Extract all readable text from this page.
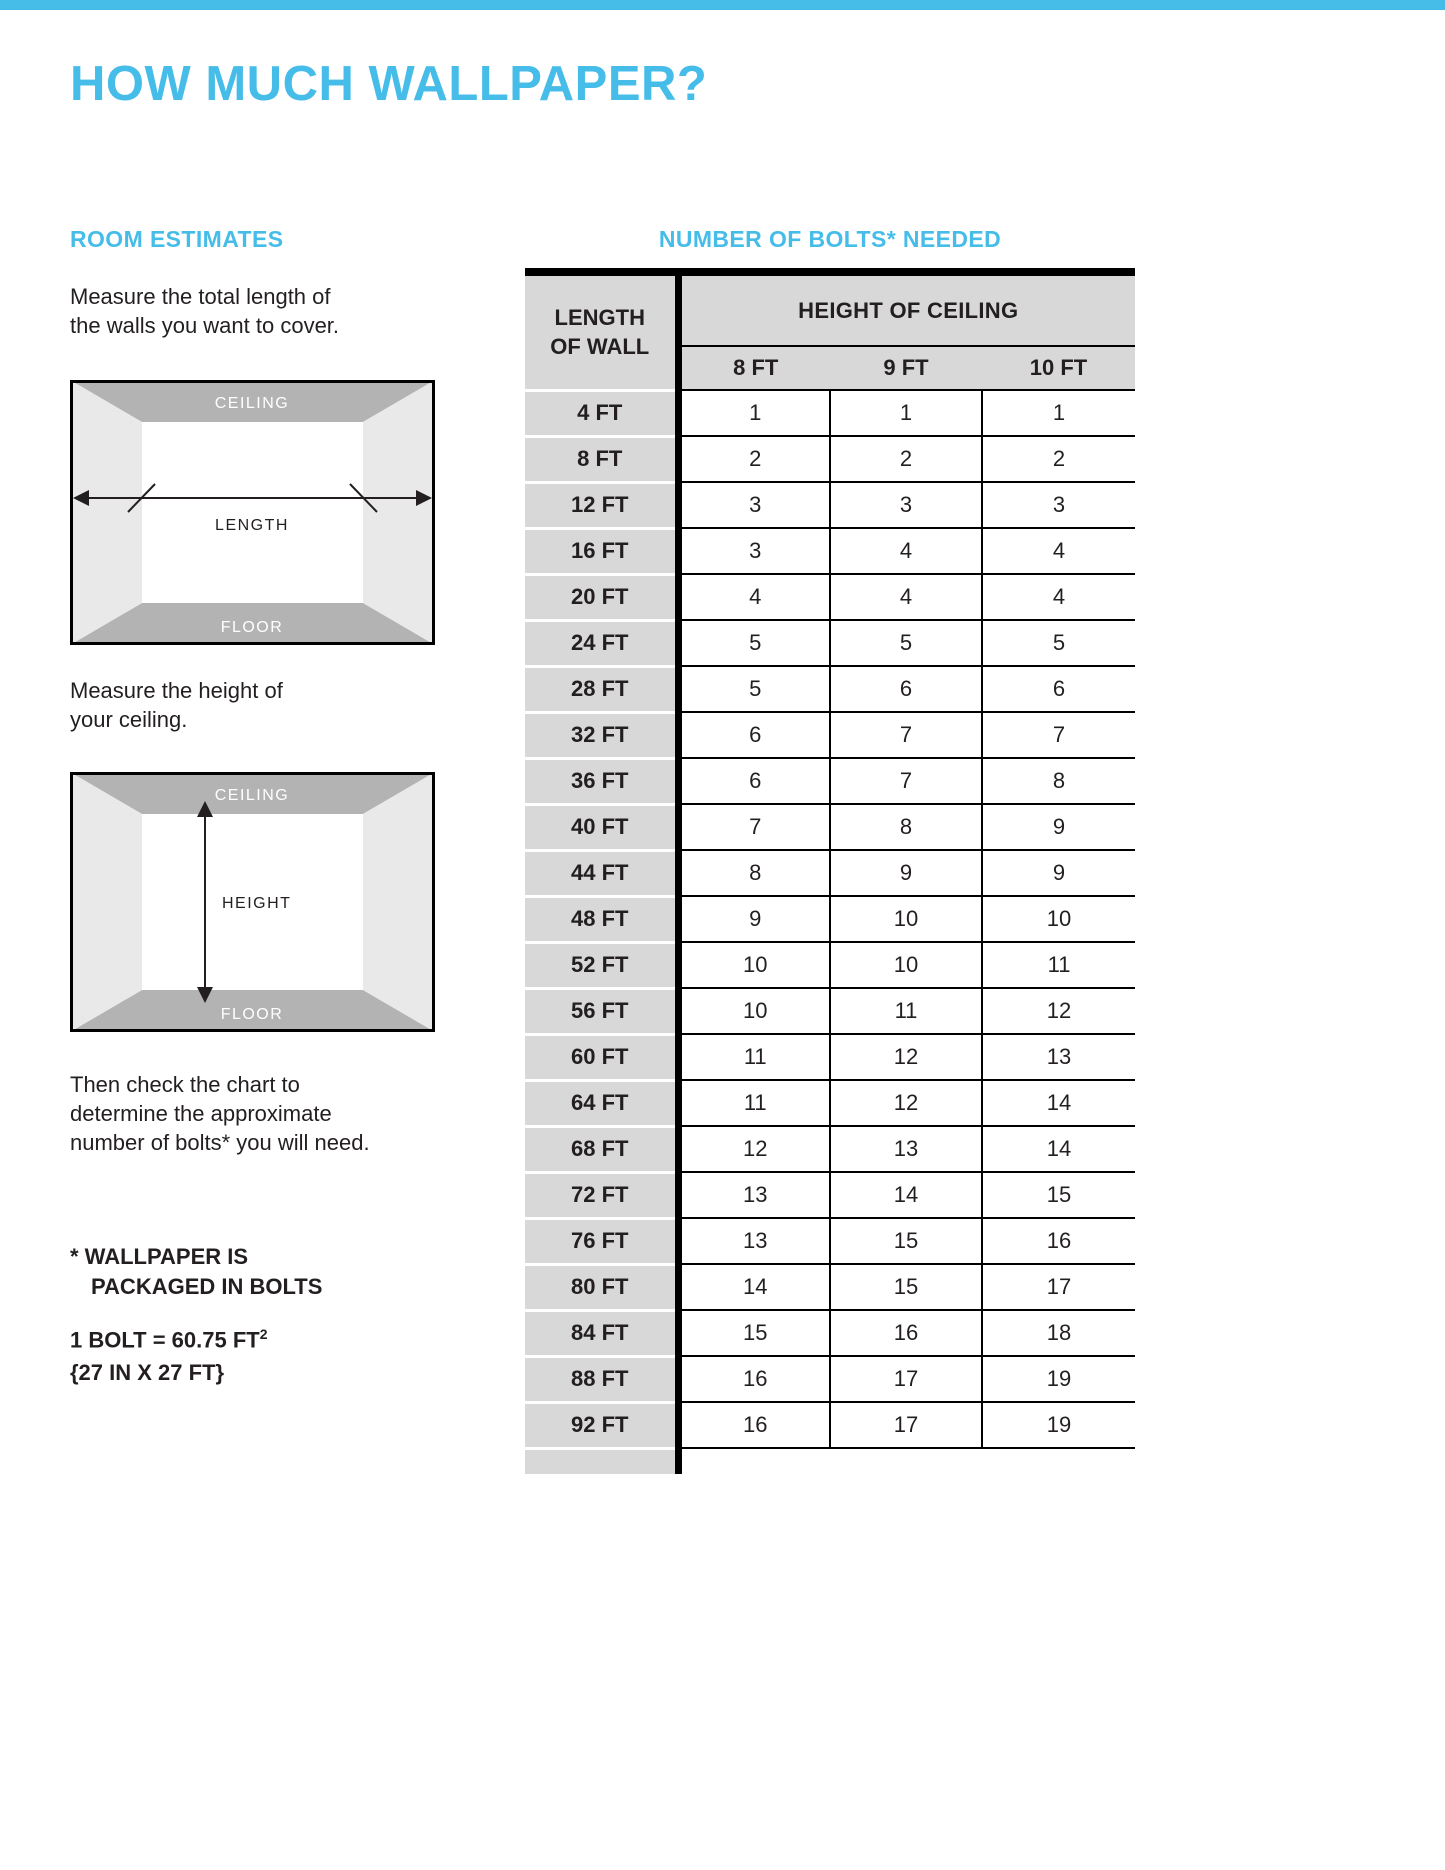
HOW MUCH WALLPAPER?
ROOM ESTIMATES	NUMBER OF BOLTS* NEEDED
Measure the total length of
the walls you want to cover.
CEILING
LENGTH
FLOOR
Measure the height of
your ceiling.
CEILING
HEIGHT
FLOOR
Then check the chart to
determine the approximate
number of bolts* you will need.
* WALLPAPER IS
PACKAGED IN BOLTS
1 BOLT = 60.75 $FT^2$
{27 IN X 27 FT}
LENGTH
OF WALL	HEIGHT OF CEILING		
	8 FT	9 FT	10 FT
4 FT	1	1	1
8 FT	2	2	2
12 FT	3	3	3
16 FT	3	4	4
20 FT	4	4	4
24 FT	5	5	5
28 FT	5	6	6
32 FT	6	7	7
36 FT	6	7	8
40 FT	7	8	9
44 FT	8	9	9
48 FT	9	10	10
52 FT	10	10	11
56 FT	10	11	12
60 FT	11	12	13
64 FT	11	12	14
68 FT	12	13	14
72 FT	13	14	15
76 FT	13	15	16
80 FT	14	15	17
84 FT	15	16	18
88 FT	16	17	19
92 FT	16	17	19
